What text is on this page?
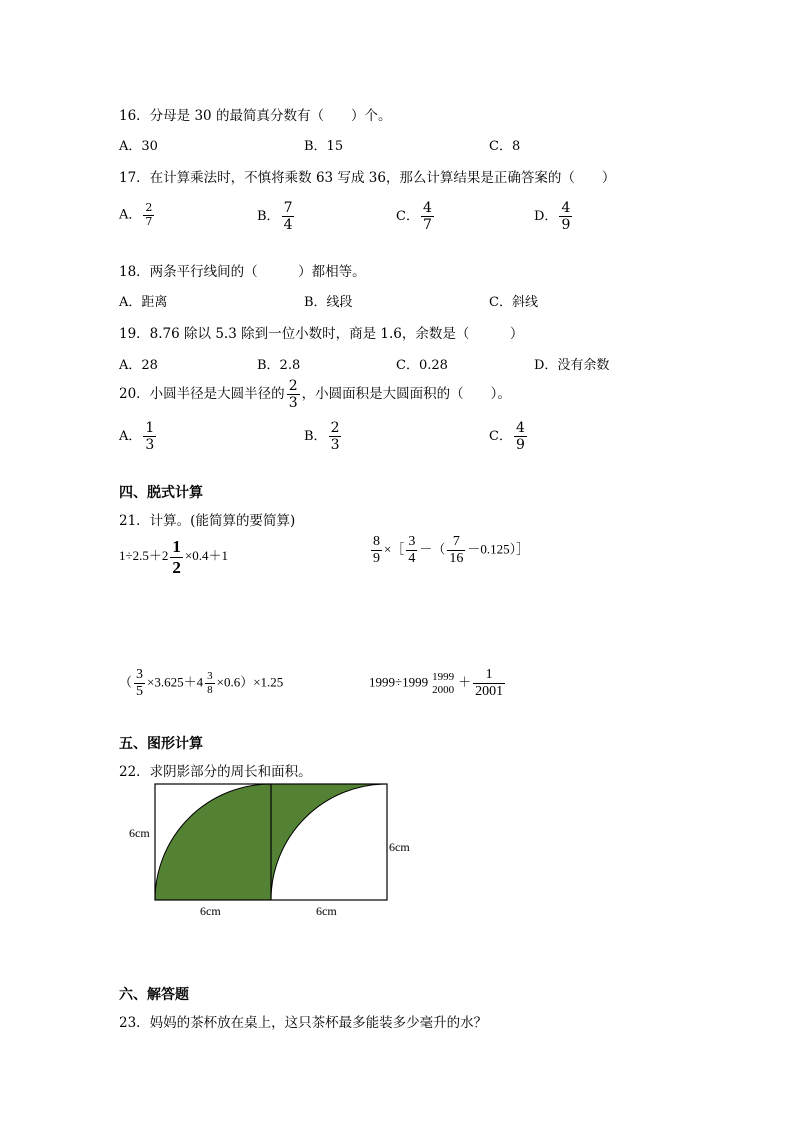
16．分母是 30 的最简真分数有（　　）个。
A．30	B．15	C．8
17．在计算乘法时，不慎将乘数 63 写成 36，那么计算结果是正确答案的（　　）
A． $\frac{2}{7}$	B． $\frac{7}{4}$	C． $\frac{4}{7}$	D． $\frac{4}{9}$
18．两条平行线间的（　　　）都相等。
A．距离	B．线段	C．斜线
19．8.76 除以 5.3 除到一位小数时，商是 1.6，余数是（　　　）
A．28	B．2.8	C．0.28	D．没有余数
20．小圆半径是大圆半径的 $\frac{2}{3}$ ，小圆面积是大圆面积的（　　）。
A． $\frac{1}{3}$	B． $\frac{2}{3}$	C． $\frac{4}{9}$
四、脱式计算
21．计算。(能简算的要简算)
$1\div 2.5+2 \frac{1}{2} \times 0.4+1$	$\frac{8}{9}$ ×［ $\frac{3}{4}$ －（ $\frac{7}{16}$ －0.125）］
（ $\frac{3}{5} \times 3.625+4 \frac{3}{8} \times 0.6)\times 1.25$	1999÷1999 1999
2000
＋ $\frac{1}{2001}$
五、图形计算
22．求阴影部分的周长和面积。
6cm
6cm
6cm	6cm
六、解答题
23．妈妈的茶杯放在桌上，这只茶杯最多能装多少毫升的水？
